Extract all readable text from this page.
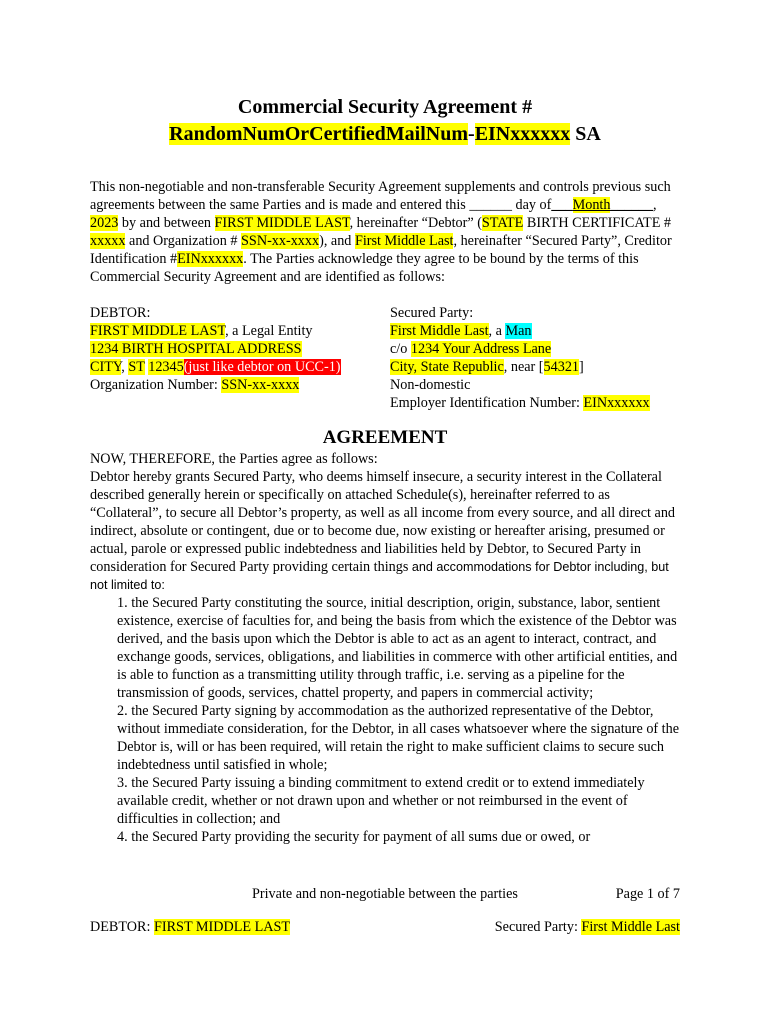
Commercial Security Agreement #
RandomNumOrCertifiedMailNum-EINxxxxxx SA

This non-negotiable and non-transferable Security Agreement supplements and controls previous such agreements between the same Parties and is made and entered this ______ day of___Month______, 2023 by and between FIRST MIDDLE LAST, hereinafter “Debtor” (STATE BIRTH CERTIFICATE # xxxxx and Organization # SSN-xx-xxxx), and First Middle Last, hereinafter “Secured Party”, Creditor Identification #EINxxxxxx. The Parties acknowledge they agree to be bound by the terms of this Commercial Security Agreement and are identified as follows:

DEBTOR:
FIRST MIDDLE LAST, a Legal Entity
1234 BIRTH HOSPITAL ADDRESS
CITY, ST 12345(just like debtor on UCC-1)
Organization Number: SSN-xx-xxxx
Secured Party:
First Middle Last, a Man
c/o 1234 Your Address Lane
City, State Republic, near [54321]
Non-domestic
Employer Identification Number: EINxxxxxx
AGREEMENT

NOW, THEREFORE, the Parties agree as follows:

Debtor hereby grants Secured Party, who deems himself insecure, a security interest in the Collateral described generally herein or specifically on attached Schedule(s), hereinafter referred to as “Collateral”, to secure all Debtor’s property, as well as all income from every source, and all direct and indirect, absolute or contingent, due or to become due, now existing or hereafter arising, presumed or actual, parole or expressed public indebtedness and liabilities held by Debtor, to Secured Party in consideration for Secured Party providing certain things and accommodations for Debtor including, but not limited to:

1. the Secured Party constituting the source, initial description, origin, substance, labor, sentient existence, exercise of faculties for, and being the basis from which the existence of the Debtor was derived, and the basis upon which the Debtor is able to act as an agent to interact, contract, and exchange goods, services, obligations, and liabilities in commerce with other artificial entities, and is able to function as a transmitting utility through traffic, i.e. serving as a pipeline for the transmission of goods, services, chattel property, and papers in commercial activity;

2. the Secured Party signing by accommodation as the authorized representative of the Debtor, without immediate consideration, for the Debtor, in all cases whatsoever where the signature of the Debtor is, will or has been required, will retain the right to make sufficient claims to secure such indebtedness until satisfied in whole;

3. the Secured Party issuing a binding commitment to extend credit or to extend immediately available credit, whether or not drawn upon and whether or not reimbursed in the event of difficulties in collection; and

4. the Secured Party providing the security for payment of all sums due or owed, or

Private and non-negotiable between the parties	Page 1 of 7
DEBTOR: FIRST MIDDLE LAST	Secured Party: First Middle Last
